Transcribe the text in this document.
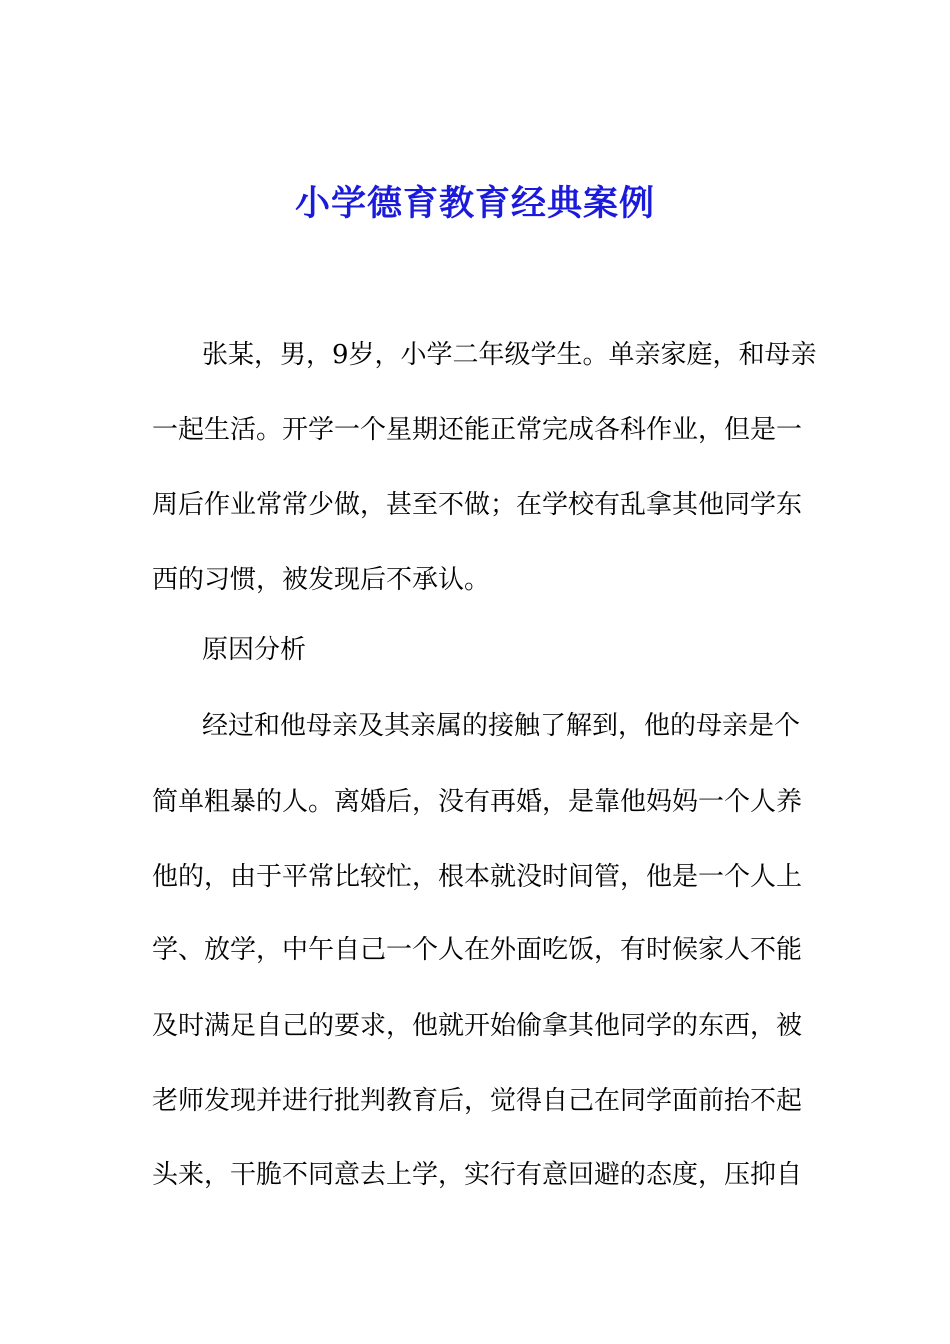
小学德育教育经典案例
张某，男，9岁，小学二年级学生。单亲家庭，和母亲
一起生活。开学一个星期还能正常完成各科作业，但是一
周后作业常常少做，甚至不做；在学校有乱拿其他同学东
西的习惯，被发现后不承认。
原因分析
经过和他母亲及其亲属的接触了解到，他的母亲是个
简单粗暴的人。离婚后，没有再婚，是靠他妈妈一个人养
他的，由于平常比较忙，根本就没时间管，他是一个人上
学、放学，中午自己一个人在外面吃饭，有时候家人不能
及时满足自己的要求，他就开始偷拿其他同学的东西，被
老师发现并进行批判教育后，觉得自己在同学面前抬不起
头来，干脆不同意去上学，实行有意回避的态度，压抑自
